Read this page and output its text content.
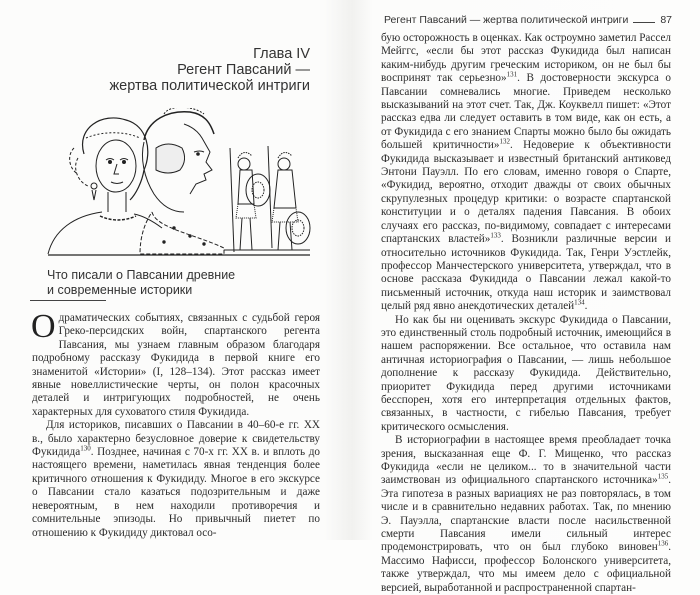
Глава IV
Регент Павсаний —
жертва политической интриги
Что писали о Павсании древние
и современные историки

Одраматических событиях, связанных с судьбой героя Греко-персидских войн, спартанского регента Павсания, мы узнаем главным образом благодаря подробному рассказу Фукидида в первой книге его знаменитой «Истории» (I, 128–134). Этот рассказ имеет явные новеллистические черты, он полон красочных деталей и интригующих подробностей, не очень характерных для суховатого стиля Фукидида.

Для историков, писавших о Павсании в 40–60-е гг. XX в., было характерно безусловное доверие к свидетельству Фукидида$^{130}$. Позднее, начиная с 70-х гг. XX в. и вплоть до настоящего времени, наметилась явная тенденция более критичного отношения к Фукидиду. Многое в его экскурсе о Павсании стало казаться подозрительным и даже невероятным, в нем находили противоречия и сомнительные эпизоды. Но привычный пиетет по отношению к Фукидиду диктовал осо-

Регент Павсаний — жертва политической интриги	87

бую осторожность в оценках. Как остроумно заметил Рассел Мейггс, «если бы этот рассказ Фукидида был написан каким-нибудь другим греческим историком, он не был бы воспринят так серьезно»$^{131}$. В достоверности экскурса о Павсании сомневались многие. Приведем несколько высказываний на этот счет. Так, Дж. Коуквелл пишет: «Этот рассказ едва ли следует оставить в том виде, как он есть, а от Фукидида с его знанием Спарты можно было бы ожидать большей критичности»$^{132}$. Недоверие к объективности Фукидида высказывает и известный британский антиковед Энтони Пауэлл. По его словам, именно говоря о Спарте, «Фукидид, вероятно, отходит дважды от своих обычных скрупулезных процедур критики: о возрасте спартанской конституции и о деталях падения Павсания. В обоих случаях его рассказ, по-видимому, совпадает с интересами спартанских властей»$^{133}$. Возникли различные версии и относительно источников Фукидида. Так, Генри Уэстлейк, профессор Манчестерского университета, утверждал, что в основе рассказа Фукидида о Павсании лежал какой-то письменный источник, откуда наш историк и заимствовал целый ряд явно анекдотических деталей$^{134}$.

Но как бы ни оценивать экскурс Фукидида о Павсании, это единственный столь подробный источник, имеющийся в нашем распоряжении. Все остальное, что оставила нам античная историография о Павсании, — лишь небольшое дополнение к рассказу Фукидида. Действительно, приоритет Фукидида перед другими источниками бесспорен, хотя его интерпретация отдельных фактов, связанных, в частности, с гибелью Павсания, требует критического осмысления.

В историографии в настоящее время преобладает точка зрения, высказанная еще Ф. Г. Мищенко, что рассказ Фукидида «если не целиком... то в значительной части заимствован из официального спартанского источника»$^{135}$. Эта гипотеза в разных вариациях не раз повторялась, в том числе и в сравнительно недавних работах. Так, по мнению Э. Пауэлла, спартанские власти после насильственной смерти Павсания имели сильный интерес продемонстрировать, что он был глубоко виновен$^{136}$. Массимо Нафисси, профессор Болонского университета, также утверждал, что мы имеем дело с официальной версией, выработанной и распространенной спартан-
